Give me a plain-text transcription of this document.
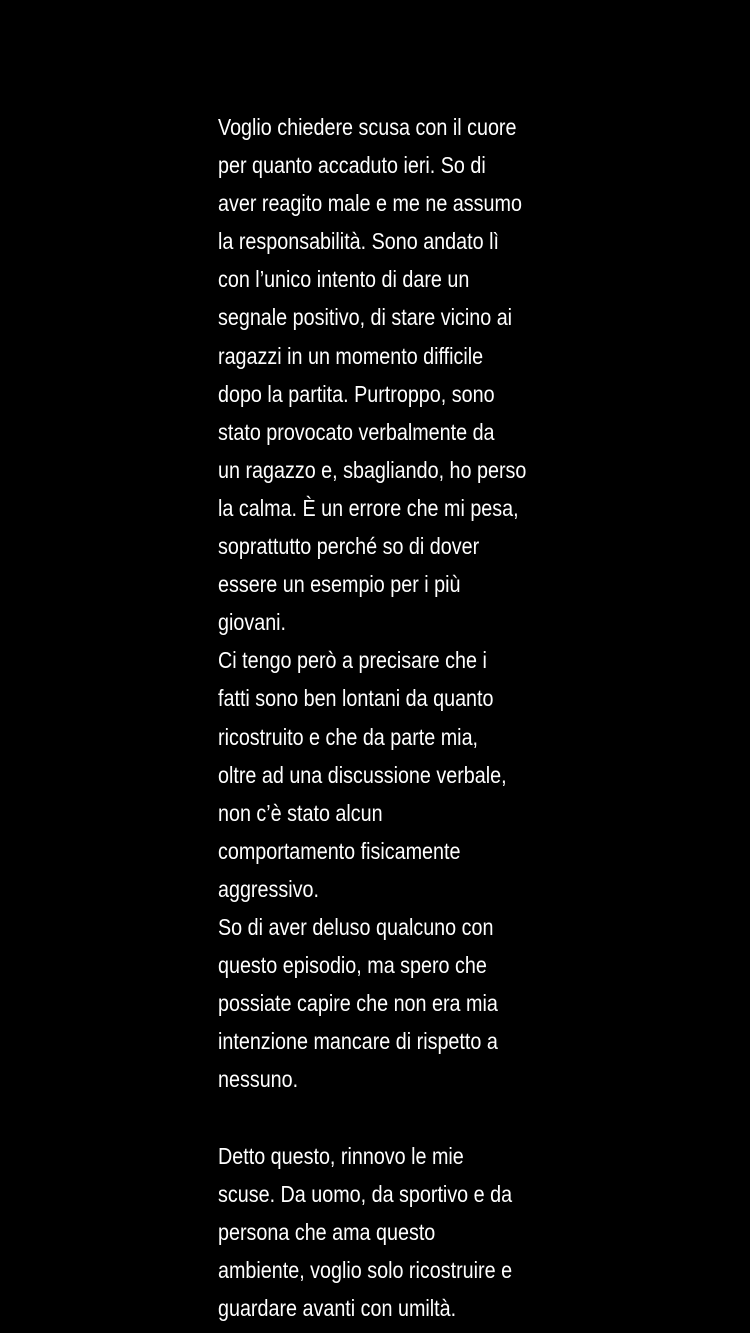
Voglio chiedere scusa con il cuore
per quanto accaduto ieri. So di
aver reagito male e me ne assumo
la responsabilità. Sono andato lì
con l’unico intento di dare un
segnale positivo, di stare vicino ai
ragazzi in un momento difficile
dopo la partita. Purtroppo, sono
stato provocato verbalmente da
un ragazzo e, sbagliando, ho perso
la calma. È un errore che mi pesa,
soprattutto perché so di dover
essere un esempio per i più
giovani.
Ci tengo però a precisare che i
fatti sono ben lontani da quanto
ricostruito e che da parte mia,
oltre ad una discussione verbale,
non c’è stato alcun
comportamento fisicamente
aggressivo.
So di aver deluso qualcuno con
questo episodio, ma spero che
possiate capire che non era mia
intenzione mancare di rispetto a
nessuno.
Detto questo, rinnovo le mie
scuse. Da uomo, da sportivo e da
persona che ama questo
ambiente, voglio solo ricostruire e
guardare avanti con umiltà.
